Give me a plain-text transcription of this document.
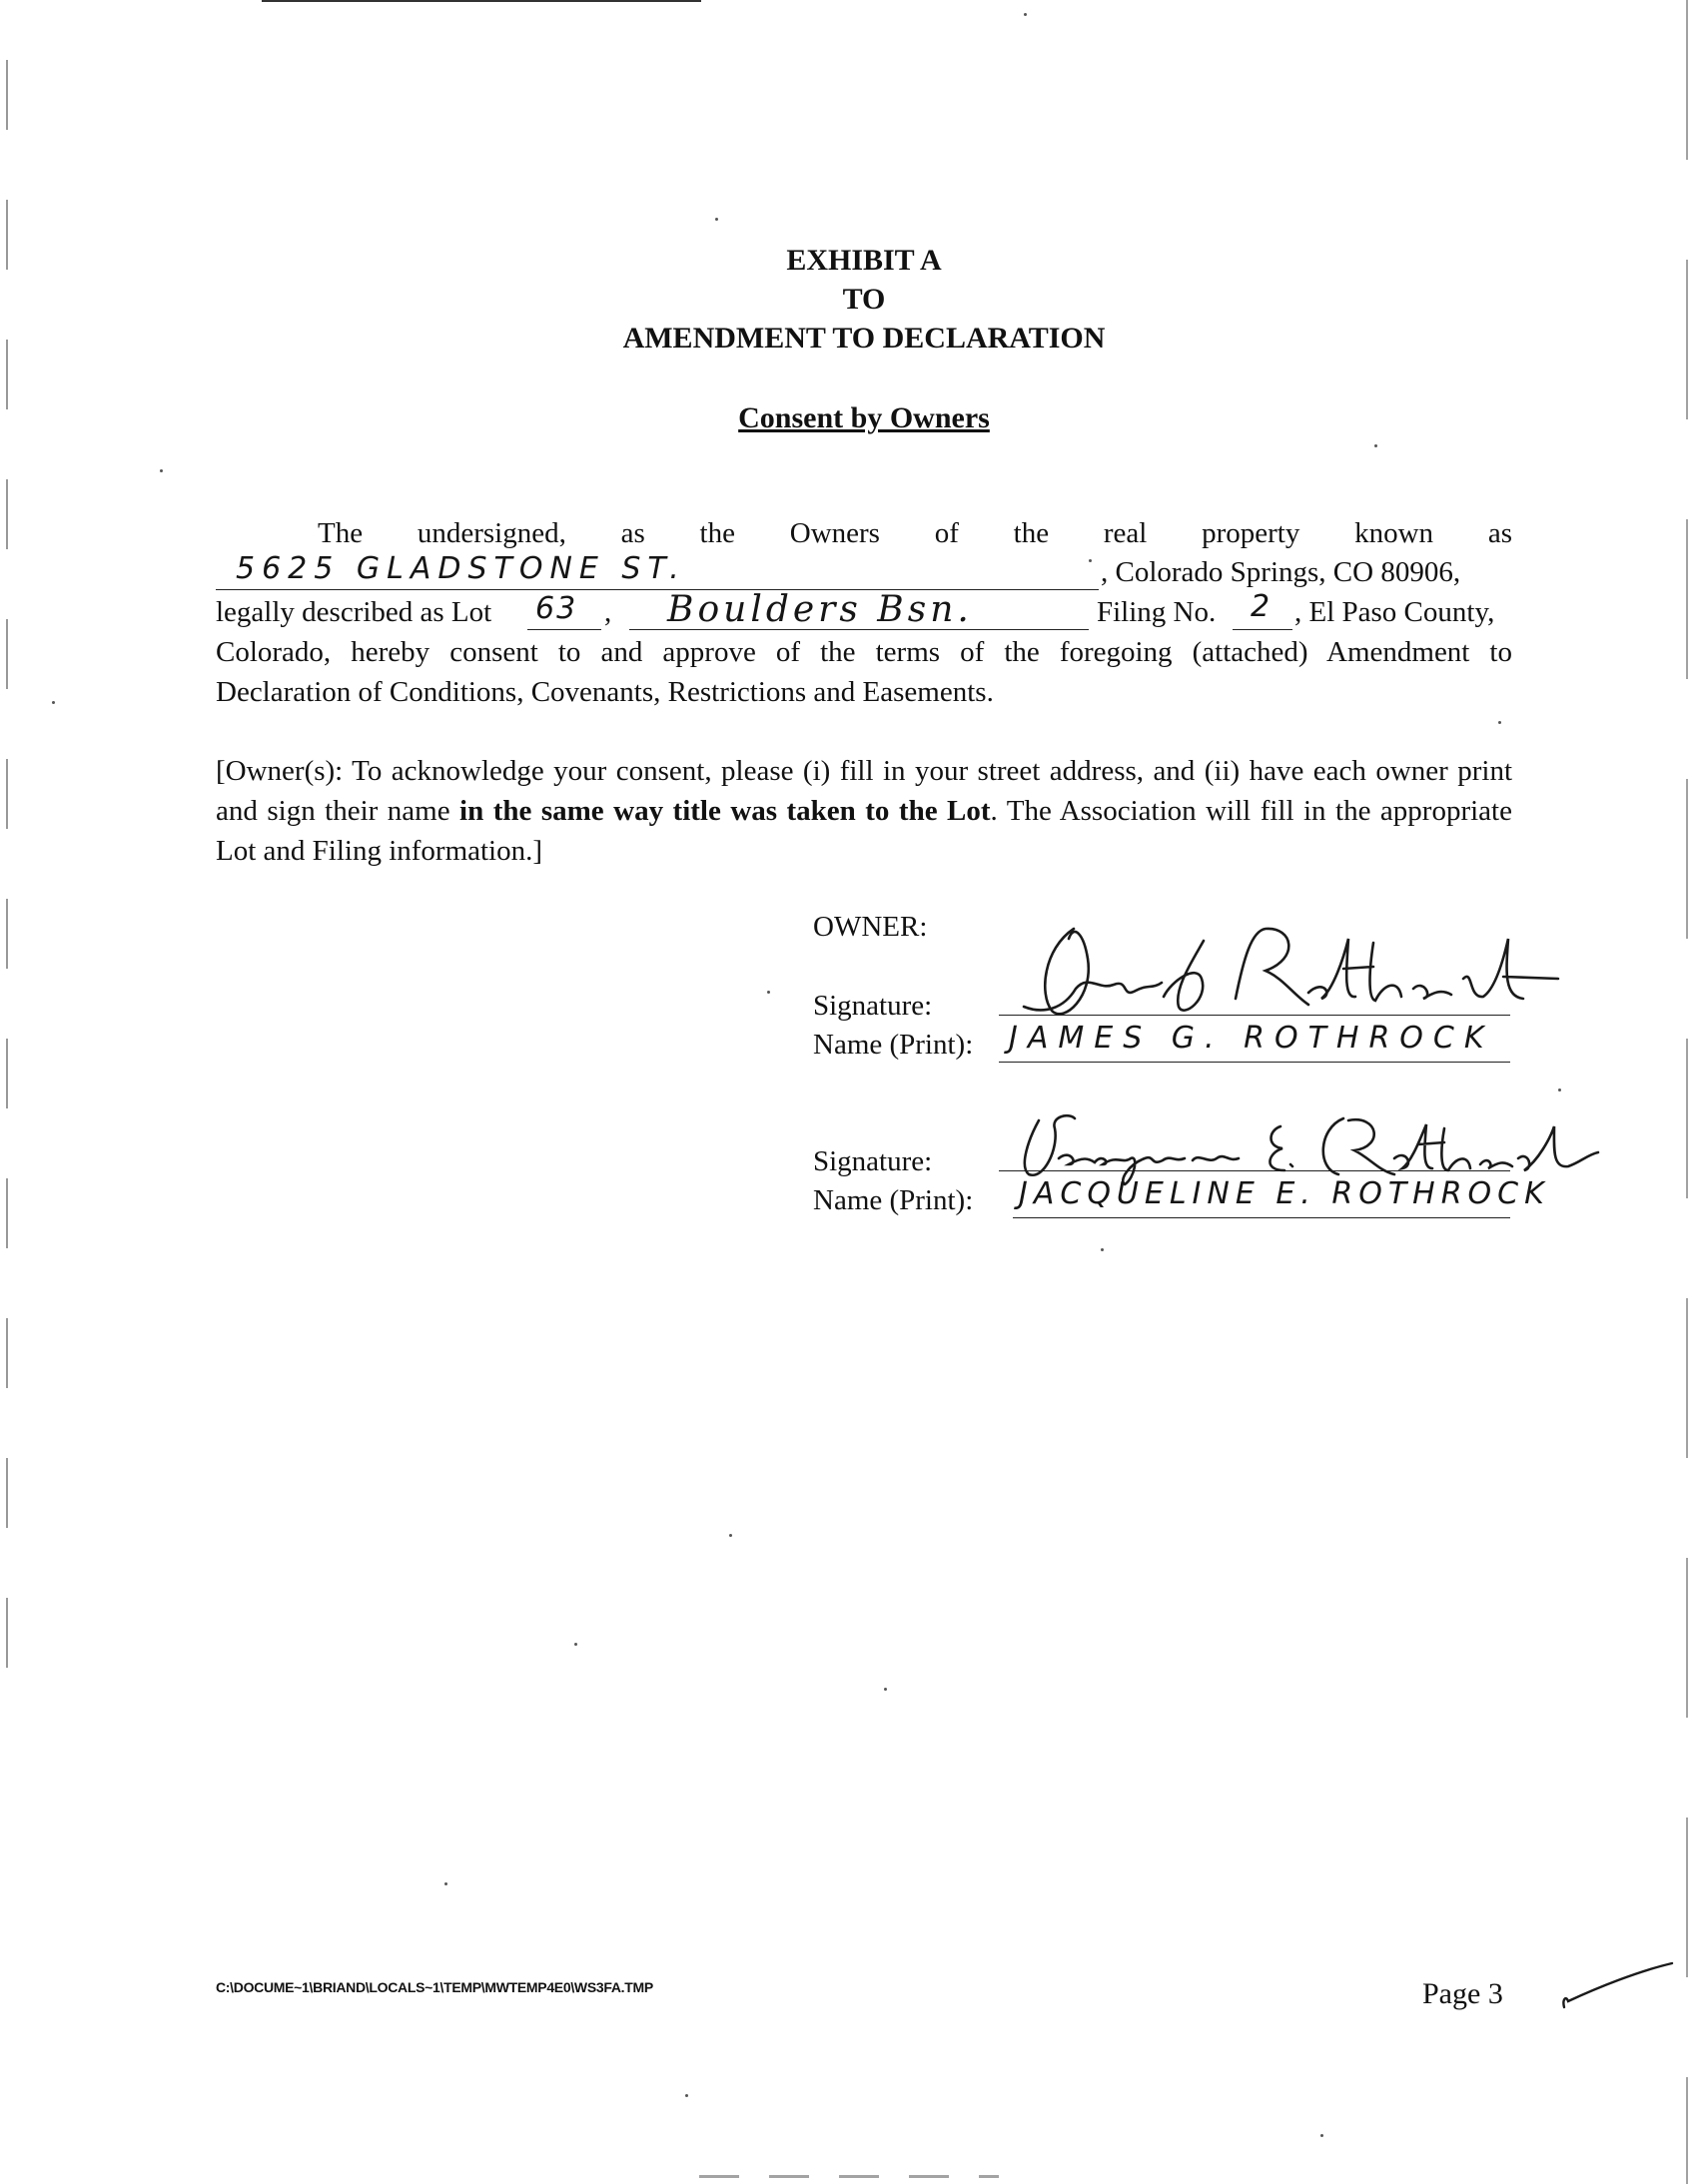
EXHIBIT A
TO
AMENDMENT TO DECLARATION
Consent by Owners
The undersigned, as the Owners of the real property known as
5625 GLADSTONE ST.	, Colorado Springs, CO 80906,
legally described as Lot 63 , Boulders Bsn.	Filing No. 2 , El Paso County,
Colorado, hereby consent to and approve of the terms of the foregoing (attached) Amendment to
Declaration of Conditions, Covenants, Restrictions and Easements.
[Owner(s): To acknowledge your consent, please (i) fill in your street address, and (ii) have each owner print and sign their name in the same way title was taken to the Lot. The Association will fill in the appropriate Lot and Filing information.]
OWNER:
Signature:
Name (Print): JAMES G. ROTHROCK
Signature:
Name (Print): JACQUELINE E. ROTHROCK
C:\DOCUME~1\BRIAND\LOCALS~1\TEMP\MWTEMP4E0\WS3FA.TMP	Page 3
